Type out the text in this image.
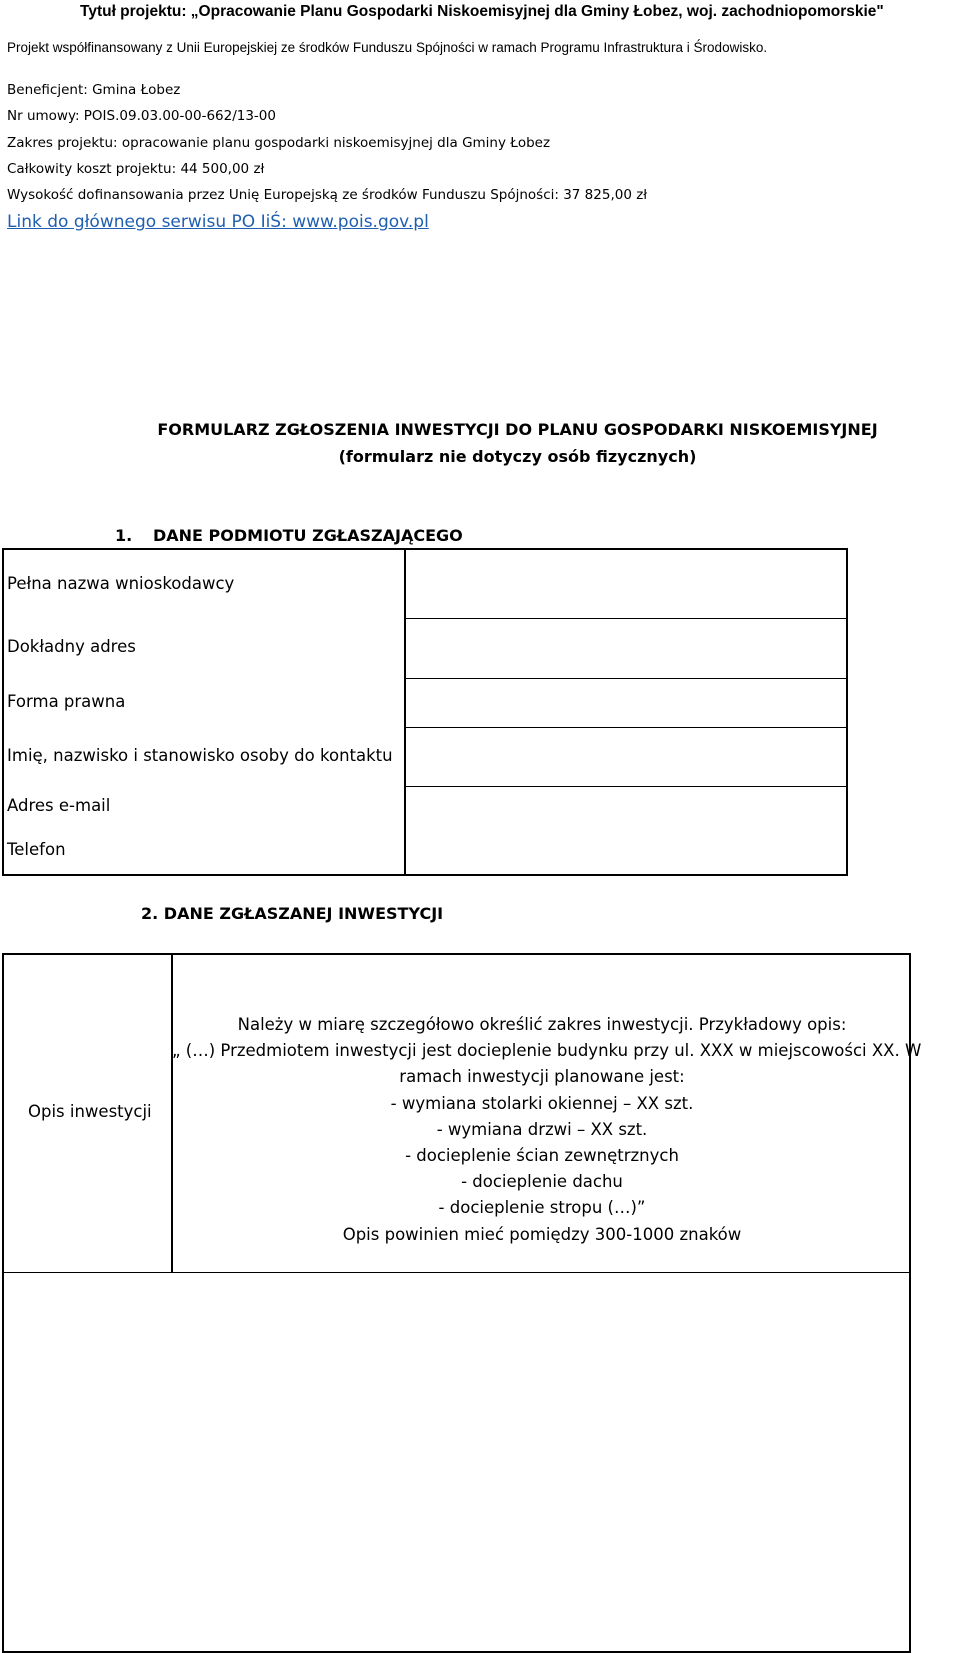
Tytuł projektu: „Opracowanie Planu Gospodarki Niskoemisyjnej dla Gminy Łobez, woj. zachodniopomorskie"
Projekt współfinansowany z Unii Europejskiej ze środków Funduszu Spójności w ramach Programu Infrastruktura i Środowisko.
Beneficjent: Gmina Łobez
Nr umowy: POIS.09.03.00-00-662/13-00
Zakres projektu: opracowanie planu gospodarki niskoemisyjnej dla Gminy Łobez
Całkowity koszt projektu: 44 500,00 zł
Wysokość dofinansowania przez Unię Europejską ze środków Funduszu Spójności: 37 825,00 zł
Link do głównego serwisu PO IiŚ: www.pois.gov.pl
FORMULARZ ZGŁOSZENIA INWESTYCJI DO PLANU GOSPODARKI NISKOEMISYJNEJ
(formularz nie dotyczy osób fizycznych)
1. DANE PODMIOTU ZGŁASZAJĄCEGO
Pełna nazwa wnioskodawcy
Dokładny adres
Forma prawna
Imię, nazwisko i stanowisko osoby do kontaktu
Adres e-mail
Telefon
2. DANE ZGŁASZANEJ INWESTYCJI
Opis inwestycji
Należy w miarę szczegółowo określić zakres inwestycji. Przykładowy opis:
„ (…) Przedmiotem inwestycji jest docieplenie budynku przy ul. XXX w miejscowości XX. W
ramach inwestycji planowane jest:
- wymiana stolarki okiennej – XX szt.
- wymiana drzwi – XX szt.
- docieplenie ścian zewnętrznych
- docieplenie dachu
- docieplenie stropu (…)”
Opis powinien mieć pomiędzy 300-1000 znaków
